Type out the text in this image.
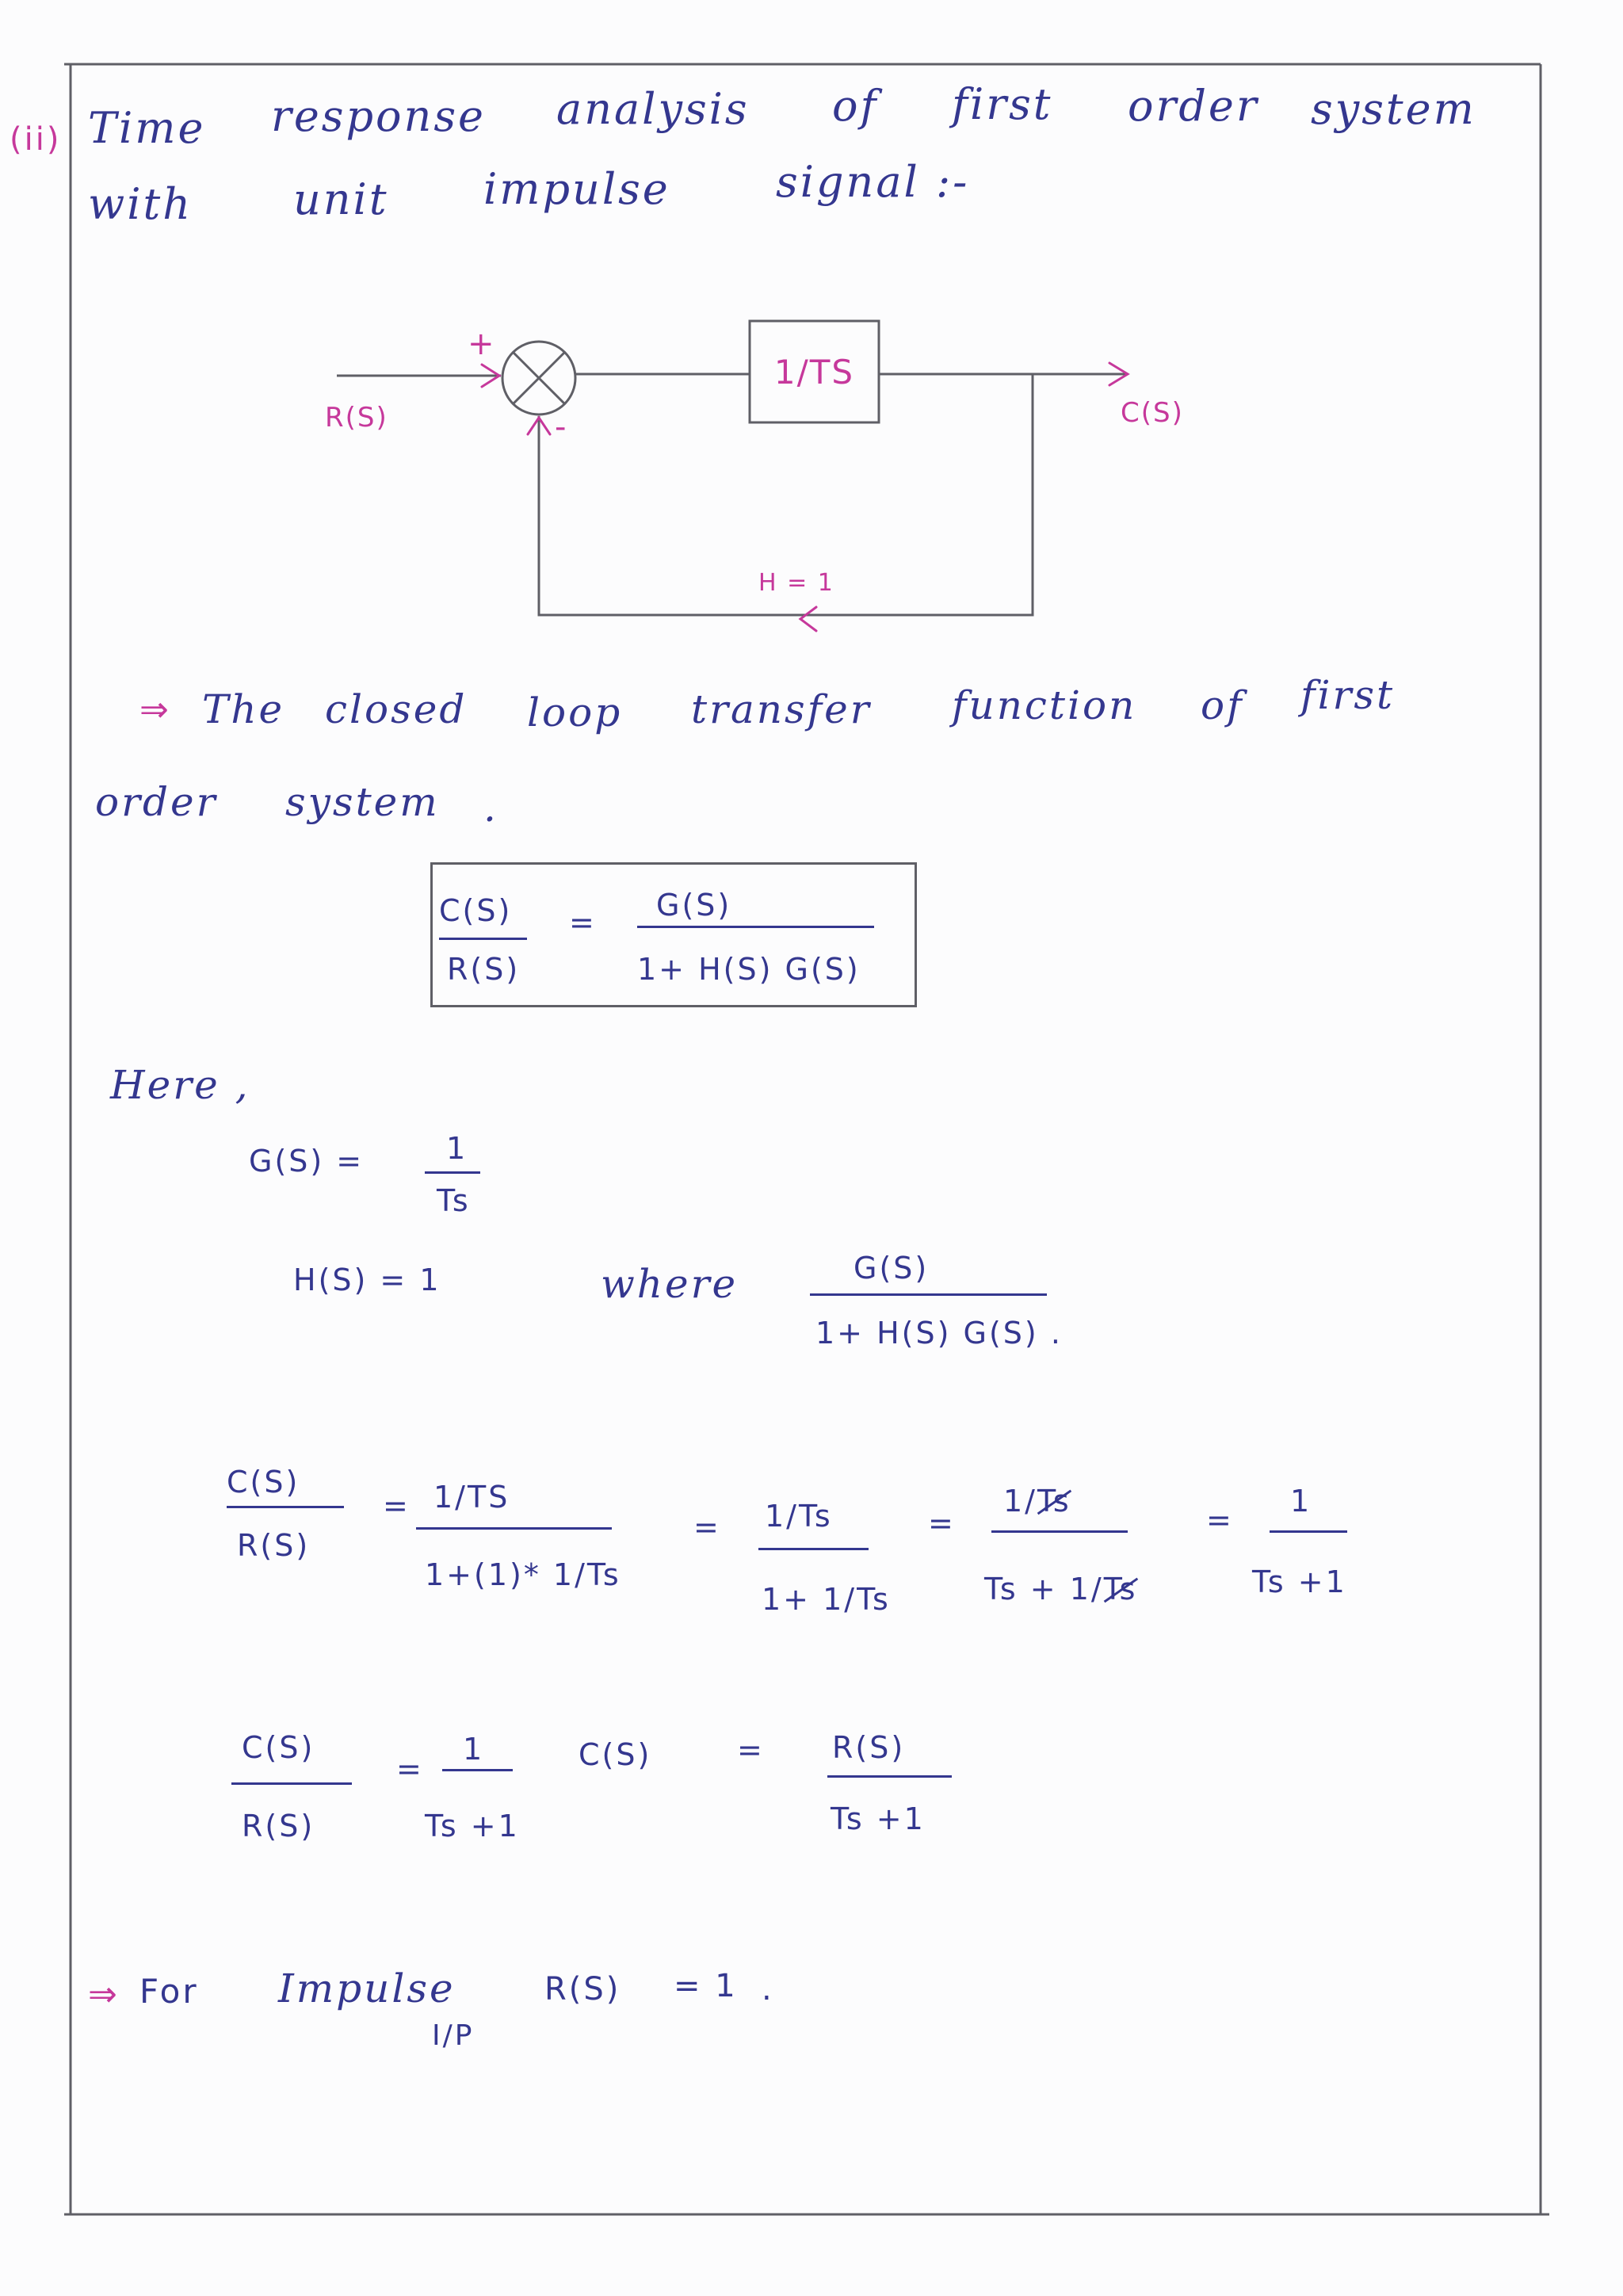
(ii) Time response analysis of first order system
with unit impulse signal :-
R(S)
+
-
1/TS
C(S)
H = 1
⇒ The closed loop transfer function of first
order system .
C(S)
R(S)
= G(S)
1+ H(S) G(S)
Here ,
G(S) =	1
Ts
H(S) = 1	where	G(S)
1+ H(S) G(S) .
C(S)
R(S)
= 1/TS
1+(1)* 1/Ts
= 1/Ts
1+ 1/Ts
=
1/Ts
Ts + 1/Ts
=
1
Ts +1
C(S)
R(S)
=
1
Ts +1
C(S)	= R(S)
Ts +1
⇒ For Impulse
I/P
R(S) = 1 .
